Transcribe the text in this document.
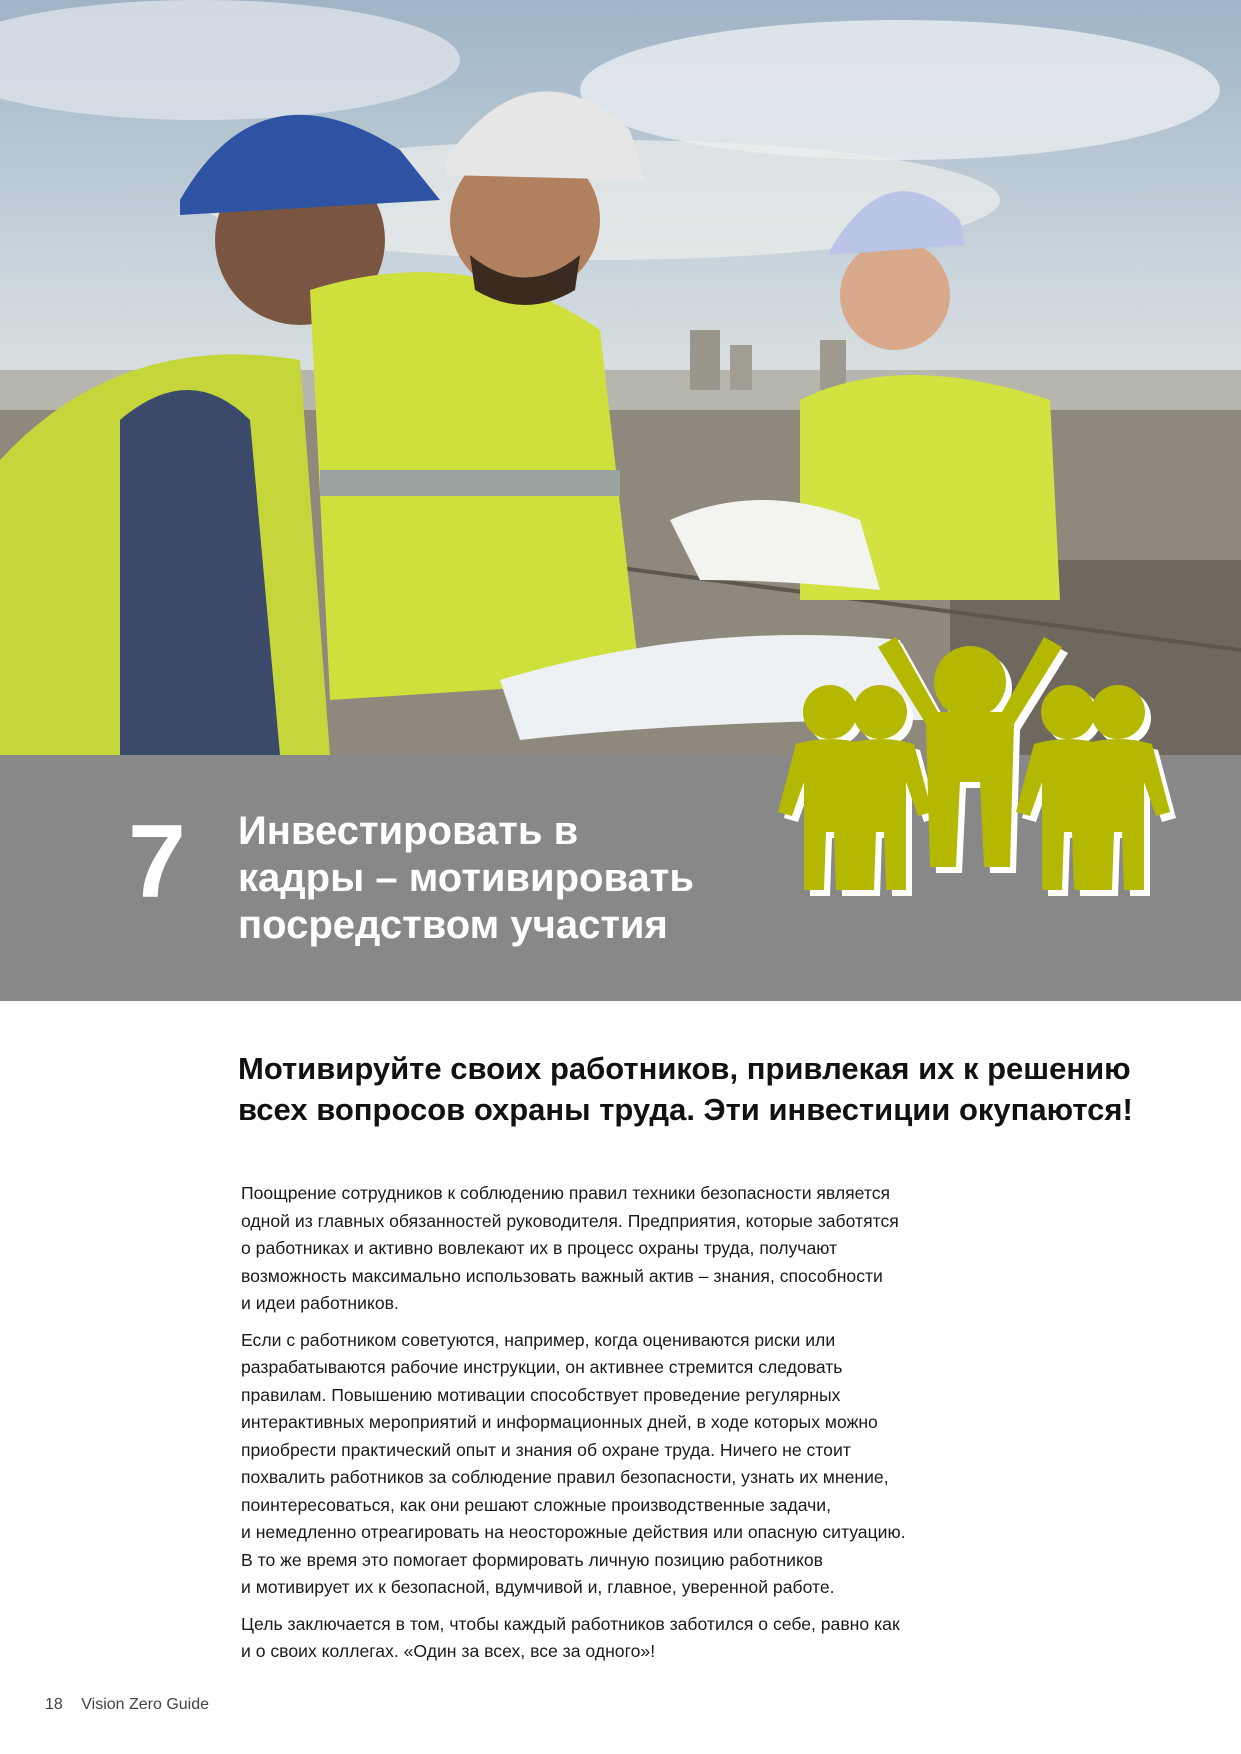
7 Инвестировать в
кадры – мотивировать
посредством участия
Мотивируйте своих работников, привлекая их к решению
всех вопросов охраны труда. Эти инвестиции окупаются!
Поощрение сотрудников к соблюдению правил техники безопасности является
одной из главных обязанностей руководителя. Предприятия, которые заботятся
о работниках и активно вовлекают их в процесс охраны труда, получают
возможность максимально использовать важный актив – знания, способности
и идеи работников.
Если с работником советуются, например, когда оцениваются риски или
разрабатываются рабочие инструкции, он активнее стремится следовать
правилам. Повышению мотивации способствует проведение регулярных
интерактивных мероприятий и информационных дней, в ходе которых можно
приобрести практический опыт и знания об охране труда. Ничего не стоит
похвалить работников за соблюдение правил безопасности, узнать их мнение,
поинтересоваться, как они решают сложные производственные задачи,
и немедленно отреагировать на неосторожные действия или опасную ситуацию.
В то же время это помогает формировать личную позицию работников
и мотивирует их к безопасной, вдумчивой и, главное, уверенной работе.
Цель заключается в том, чтобы каждый работников заботился о себе, равно как
и о своих коллегах. «Один за всех, все за одного»!
18 Vision Zero Guide
